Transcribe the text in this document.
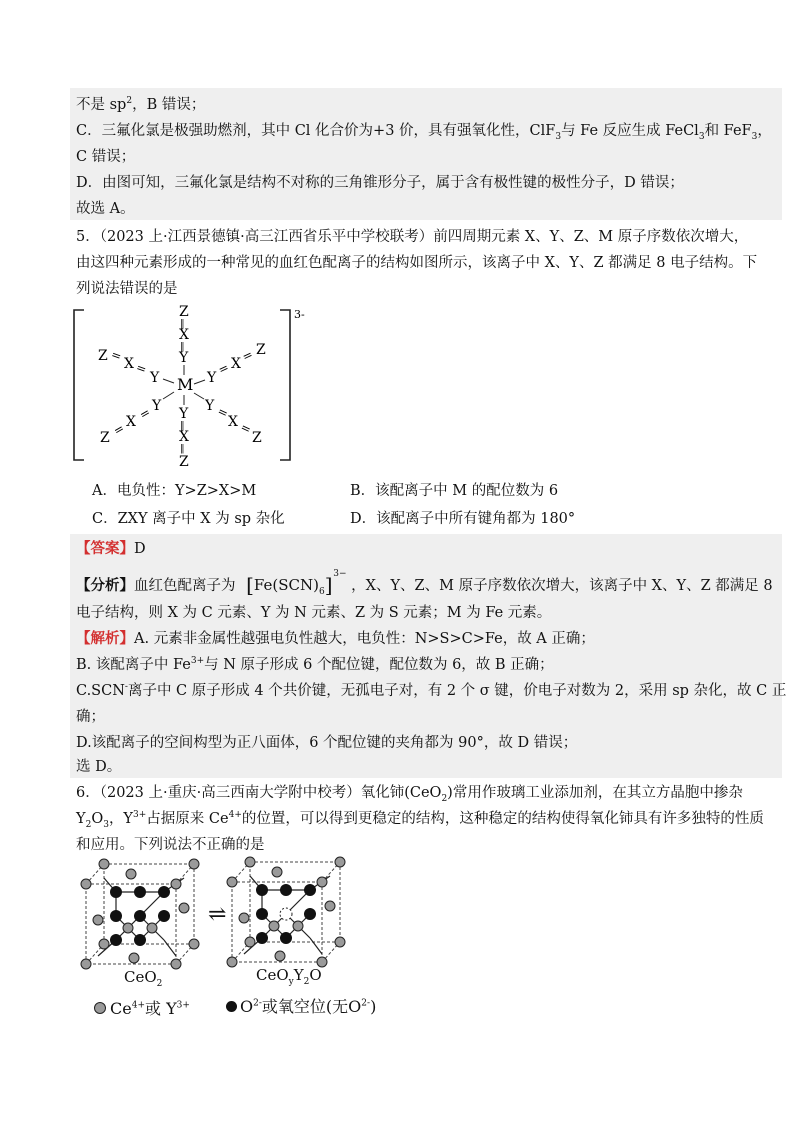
不是 $sp^2$，B 错误；
C．三氟化氯是极强助燃剂，其中 Cl 化合价为+3 价，具有强氧化性，ClF$_3$与 Fe 反应生成 FeCl$_3$和 FeF$_3$，
C 错误；
D．由图可知，三氟化氯是结构不对称的三角锥形分子，属于含有极性键的极性分子，D 错误；
故选 A。
5．（2023 上·江西景德镇·高三江西省乐平中学校联考）前四周期元素 X、Y、Z、M 原子序数依次增大，
由这四种元素形成的一种常见的血红色配离子的结构如图所示，该离子中 X、Y、Z 都满足 8 电子结构。下
列说法错误的是
3-
M
Z
‖
X
‖
Y
Y
‖
X
‖
Z
Z =
X =
Y	Y
= X = Z
Y
=
X
=
Z
Y =
X =
Z
A．电负性：Y>Z>X>M	B．该配离子中 M 的配位数为 6
C．ZXY 离子中 X 为 sp 杂化	D．该配离子中所有键角都为 180°
【答案】D
【分析】血红色配离子为 $[Fe(SCN)_6]$ 3−
，X、Y、Z、M 原子序数依次增大，该离子中 X、Y、Z 都满足 8
电子结构，则 X 为 C 元素、Y 为 N 元素、Z 为 S 元素；M 为 Fe 元素。
【解析】A. 元素非金属性越强电负性越大，电负性：N>S>C>Fe，故 A 正确；
B. 该配离子中 $Fe^{3+}$与 N 原子形成 6 个配位键，配位数为 6，故 B 正确；
C.SCN-离子中 C 原子形成 4 个共价键，无孤电子对，有 2 个 σ 键，价电子对数为 2，采用 sp 杂化，故 C 正
确；
D.该配离子的空间构型为正八面体，6 个配位键的夹角都为 90°，故 D 错误；
选 D。
6．（2023 上·重庆·高三西南大学附中校考）氧化铈(CeO$_2$)常用作玻璃工业添加剂，在其立方晶胞中掺杂
$Y_2O_3$，$Y^{3+}$占据原来 $Ce^{4+}$的位置，可以得到更稳定的结构，这种稳定的结构使得氧化铈具有许多独特的性质
和应用。下列说法不正确的是
⇌
CeO$_2$	$CeO_yY_2O$
$Ce^{4+}$或 $Y^{3+}$	$O^{2-}$或氧空位(无$O^{2-}$)
